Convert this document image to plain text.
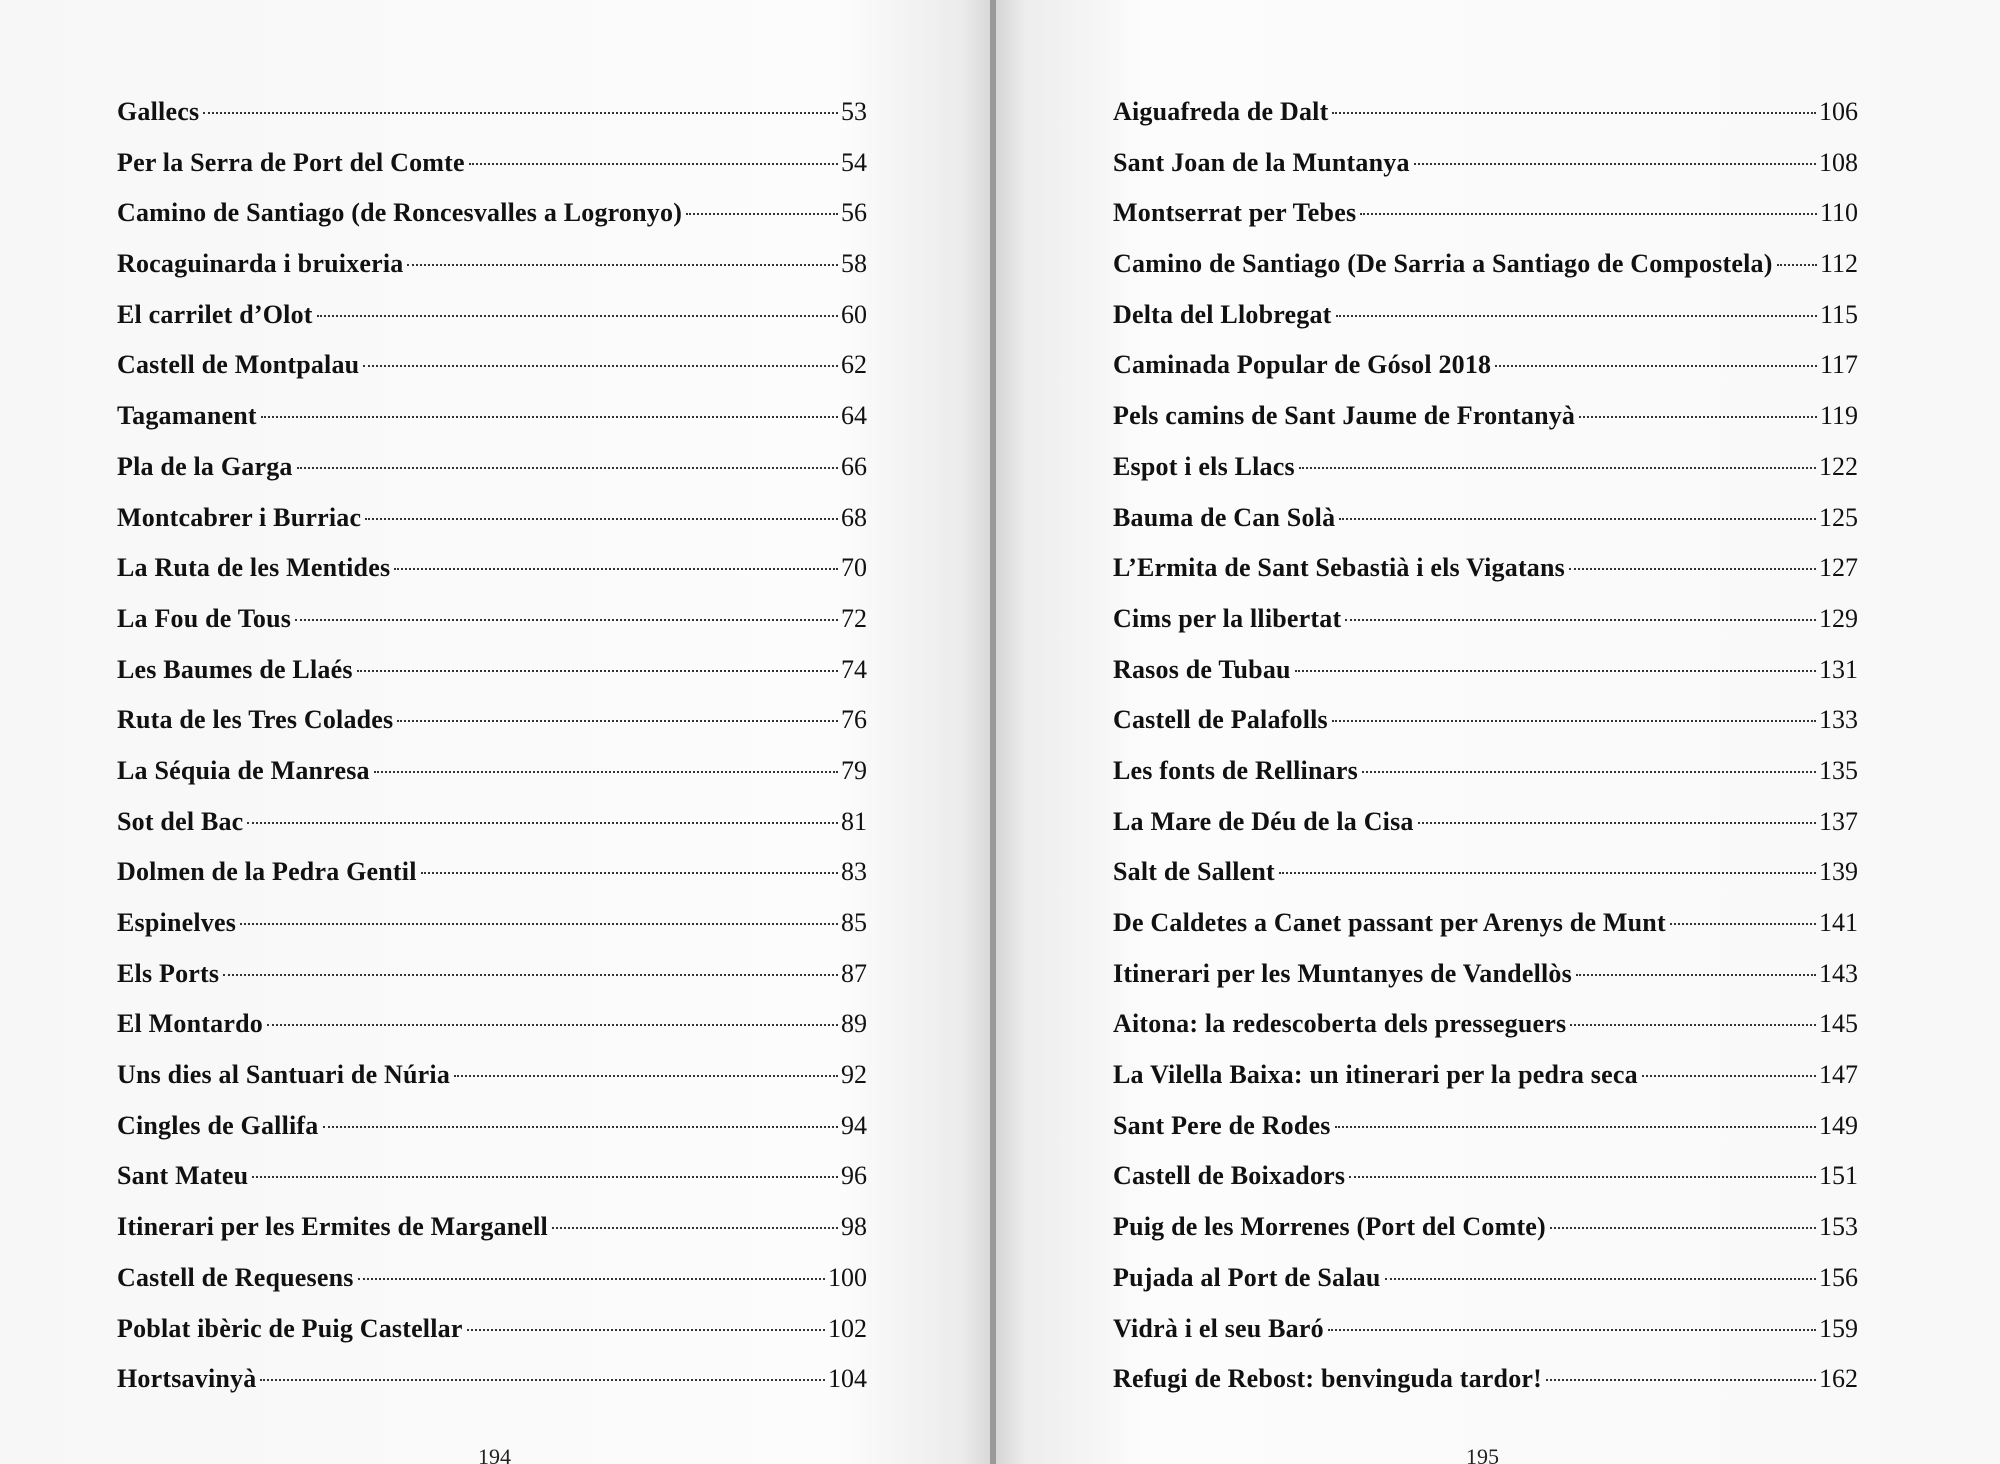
Gallecs	53
Per la Serra de Port del Comte	54
Camino de Santiago (de Roncesvalles a Logronyo)	56
Rocaguinarda i bruixeria	58
El carrilet d’Olot	60
Castell de Montpalau	62
Tagamanent	64
Pla de la Garga	66
Montcabrer i Burriac	68
La Ruta de les Mentides	70
La Fou de Tous	72
Les Baumes de Llaés	74
Ruta de les Tres Colades	76
La Séquia de Manresa	79
Sot del Bac	81
Dolmen de la Pedra Gentil	83
Espinelves	85
Els Ports	87
El Montardo	89
Uns dies al Santuari de Núria	92
Cingles de Gallifa	94
Sant Mateu	96
Itinerari per les Ermites de Marganell	98
Castell de Requesens	100
Poblat ibèric de Puig Castellar	102
Hortsavinyà	104
194
Aiguafreda de Dalt	106
Sant Joan de la Muntanya	108
Montserrat per Tebes	110
Camino de Santiago (De Sarria a Santiago de Compostela) 112
Delta del Llobregat	115
Caminada Popular de Gósol 2018	117
Pels camins de Sant Jaume de Frontanyà	119
Espot i els Llacs	122
Bauma de Can Solà	125
L’Ermita de Sant Sebastià i els Vigatans	127
Cims per la llibertat	129
Rasos de Tubau	131
Castell de Palafolls	133
Les fonts de Rellinars	135
La Mare de Déu de la Cisa	137
Salt de Sallent	139
De Caldetes a Canet passant per Arenys de Munt	141
Itinerari per les Muntanyes de Vandellòs	143
Aitona: la redescoberta dels presseguers	145
La Vilella Baixa: un itinerari per la pedra seca	147
Sant Pere de Rodes	149
Castell de Boixadors	151
Puig de les Morrenes (Port del Comte)	153
Pujada al Port de Salau	156
Vidrà i el seu Baró	159
Refugi de Rebost: benvinguda tardor!	162
195
